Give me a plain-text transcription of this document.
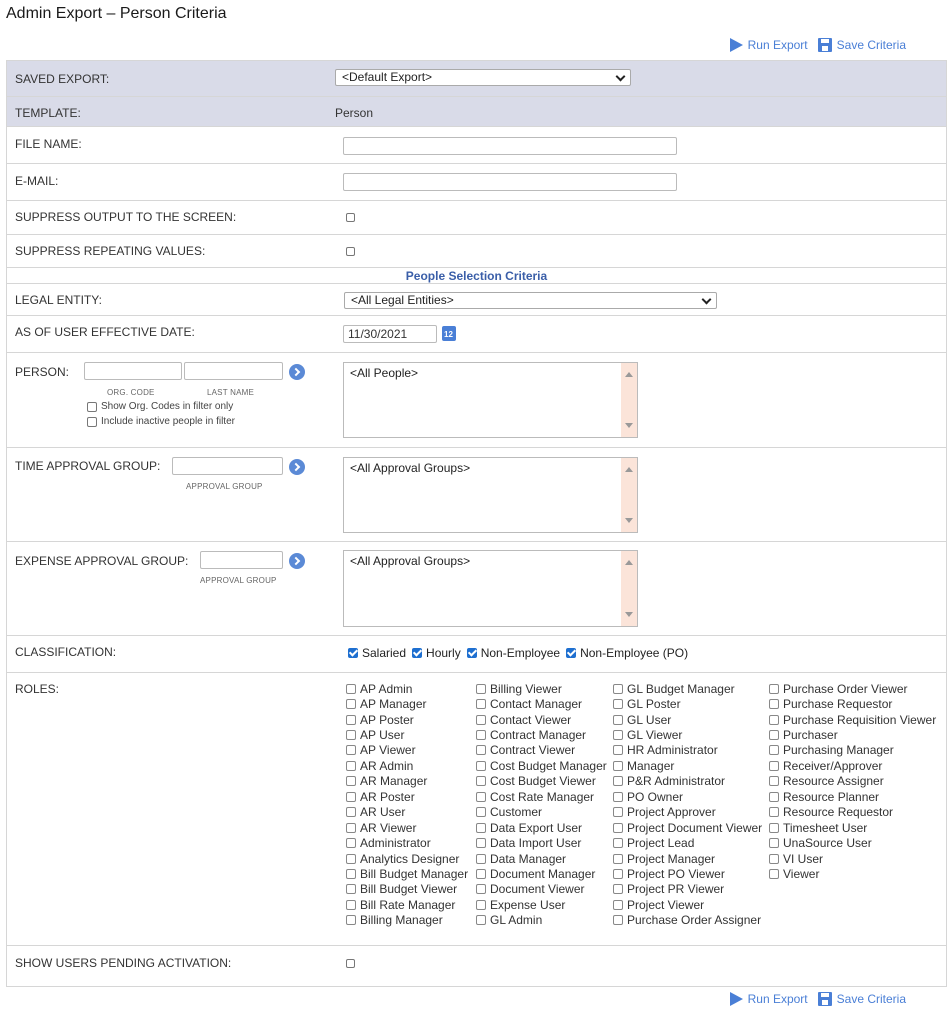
Admin Export – Person Criteria
Run Export Save Criteria
SAVED EXPORT:	<Default Export>
TEMPLATE:	Person
FILE NAME:
E-MAIL:
SUPPRESS OUTPUT TO THE SCREEN:
SUPPRESS REPEATING VALUES:
People Selection Criteria
LEGAL ENTITY:	<All Legal Entities>
AS OF USER EFFECTIVE DATE:	11/30/2021
12
PERSON:
ORG. CODE	LAST NAME
Show Org. Codes in filter only
Include inactive people in filter
<All People>
TIME APPROVAL GROUP:
APPROVAL GROUP
<All Approval Groups>
EXPENSE APPROVAL GROUP:
APPROVAL GROUP
<All Approval Groups>
CLASSIFICATION:	Salaried Hourly Non-Employee Non-Employee (PO)
ROLES:	AP Admin
AP Manager
AP Poster
AP User
AP Viewer
AR Admin
AR Manager
AR Poster
AR User
AR Viewer
Administrator
Analytics Designer
Bill Budget Manager
Bill Budget Viewer
Bill Rate Manager
Billing Manager
Billing Viewer
Contact Manager
Contact Viewer
Contract Manager
Contract Viewer
Cost Budget Manager
Cost Budget Viewer
Cost Rate Manager
Customer
Data Export User
Data Import User
Data Manager
Document Manager
Document Viewer
Expense User
GL Admin
GL Budget Manager
GL Poster
GL User
GL Viewer
HR Administrator
Manager
P&R Administrator
PO Owner
Project Approver
Project Document Viewer
Project Lead
Project Manager
Project PO Viewer
Project PR Viewer
Project Viewer
Purchase Order Assigner
Purchase Order Viewer
Purchase Requestor
Purchase Requisition Viewer
Purchaser
Purchasing Manager
Receiver/Approver
Resource Assigner
Resource Planner
Resource Requestor
Timesheet User
UnaSource User
VI User
Viewer
SHOW USERS PENDING ACTIVATION:
Run Export Save Criteria
